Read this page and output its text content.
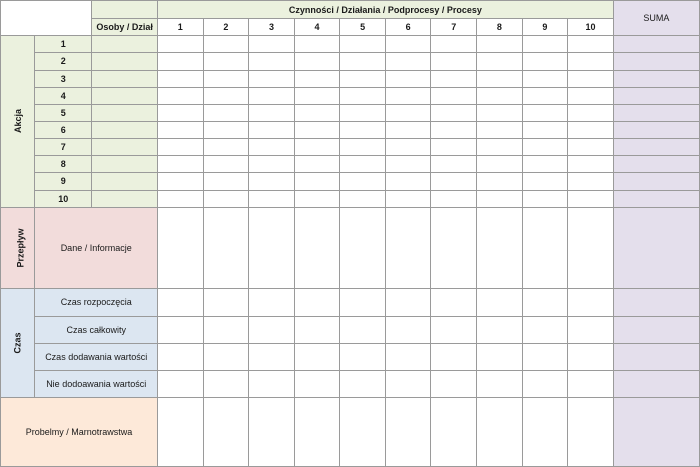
			Czynności / Działania / Podprocesy / Procesy										SUMA
		Osoby / Dział	1	2	3	4	5	6	7	8	9	10	
Akcja	1												
	2												
	3												
	4												
	5												
	6												
	7												
	8												
	9												
	10												
Przepływ	Dane / Informacje												
Czas	Czas rozpoczęcia												
	Czas całkowity												
	Czas dodawania wartości												
	Nie dodoawania wartości												
Probelmy / Marnotrawstwa													
